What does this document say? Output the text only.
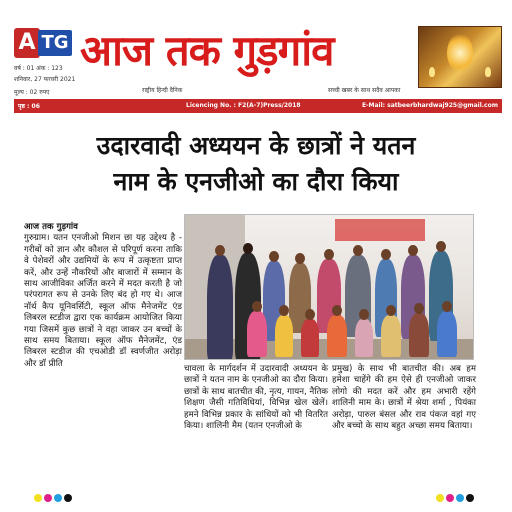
A TG
वर्ष : 01 अंक : 123
शनिवार, 27 फरवरी 2021
मूल्य : 02 रुपए
आज तक गुड़गांव
राष्ट्रीय हिन्दी दैनिक	सच्ची खबर के साथ सदैव आपका
पृष्ठ : 06	Licencing No. : F2(A-7)Press/2018	E-Mail: satbeerbhardwaj925@gmail.com
उदारवादी अध्ययन के छात्रों ने यतन
नाम के एनजीओ का दौरा किया
आज तक गुड़गांव

गुरुग्राम। यतन एनजीओ मिशन छा यह उद्देश्य है - गरीबों को ज्ञान और कौशल से परिपूर्ण करना ताकि वे पेशेवरों और उद्यमियों के रूप में उत्कृष्टता प्राप्त करें, और उन्हें नौकरियों और बाजारों में सम्मान के साथ आजीविका अर्जित करने में मदत करती है जो परंपरागत रूप से उनके लिए बंद हो गए थे। आज नॉर्थ कैप यूनिवर्सिटी, स्कूल ऑफ मैनेजमेंट एंड लिबरल स्टडीज द्वारा एक कार्यक्रम आयोजित किया गया जिसमें कुछ छात्रों ने वहा जाकर उन बच्चों के साथ समय बिताया। स्कूल ऑफ मैनेजमेंट, एंड लिबरल स्टडीज की एचओडी डॉ स्वर्णजीत अरोड़ा और डॉ प्रीति

चावला के मार्गदर्शन में उदारवादी अध्ययन के छात्रों ने यतन नाम के एनजीओ का दौरा किया। छात्रों के साथ बातचीत की, नृत्य, गायन, नैतिक शिक्षण जैसी गतिविधियां, विभिन्न खेल खेलें। हमने विभिन्न प्रकार के सांधियों को भी वितरित किया। शालिनी मैम (यतन एनजीओ के

प्रमुख) के साथ भी बातचीत की। अब हम हमेशा चाहेंगे की हम ऐसे ही एनजीओ जाकर लोगो की मदत करें और हम अभारी रहेंगे शालिनी माम के। छात्रों में श्रेया शर्मा , पियंका अरोड़ा, पारुल बंसल और राव पंकज वहां गए और बच्चो के साथ बहुत अच्छा समय बिताया।
